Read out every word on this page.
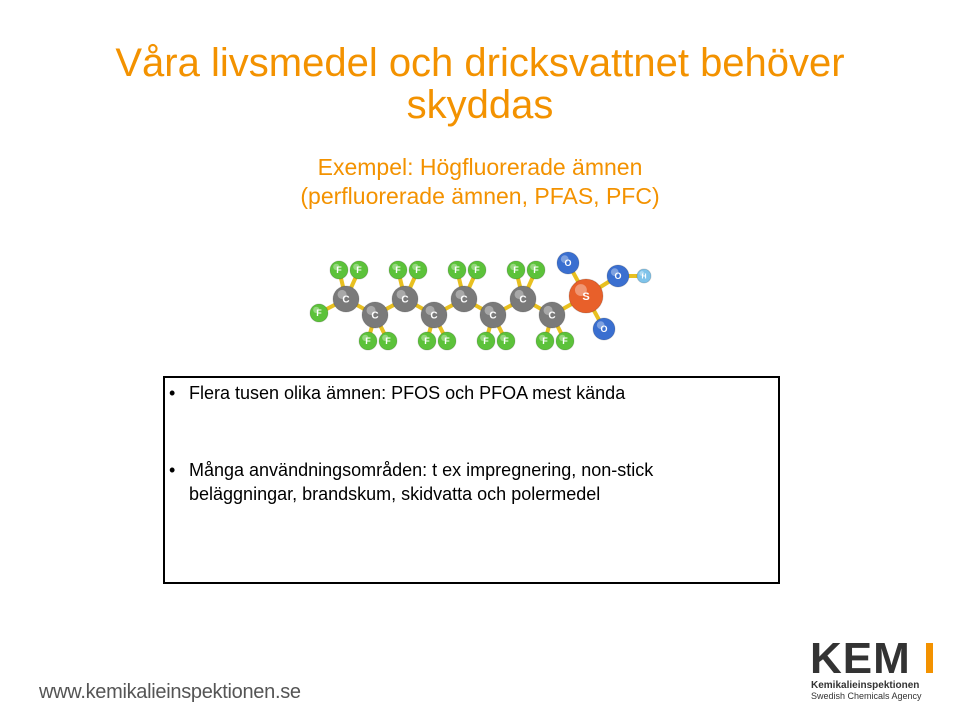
Våra livsmedel och dricksvattnet behöver
skyddas
Exempel: Högfluorerade ämnen
(perfluorerade ämnen, PFAS, PFC)
F F	F F	F F	F F
F F	F F	F F	F F
F
C
C
C
C
C
C
C
C
S
O
O
O
H
• Flera tusen olika ämnen: PFOS och PFOA mest kända
• Många användningsområden: t ex impregnering, non-stick
beläggningar, brandskum, skidvatta och polermedel
www.kemikalieinspektionen.se
KEM
Kemikalieinspektionen
Swedish Chemicals Agency
